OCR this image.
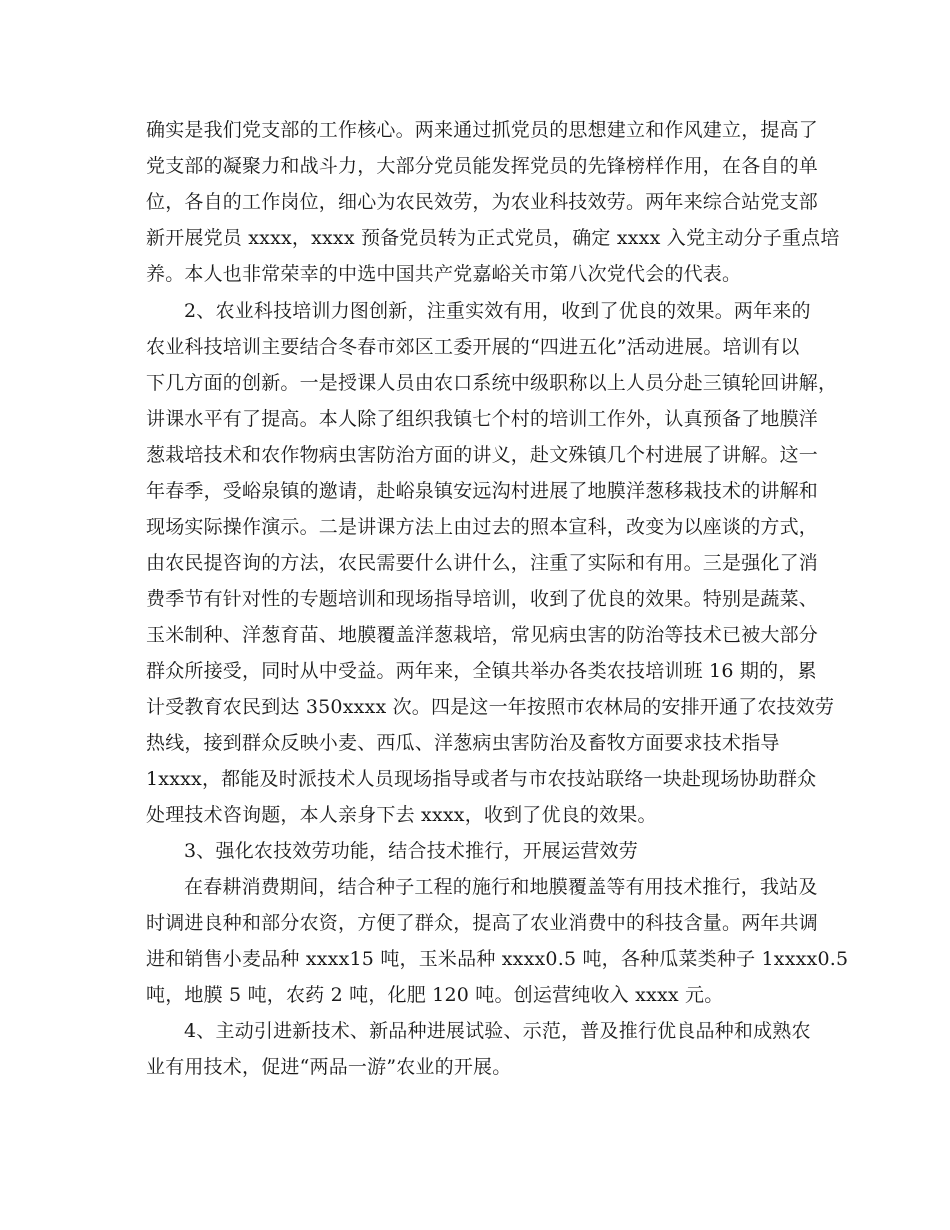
确实是我们党支部的工作核心。两来通过抓党员的思想建立和作风建立，提高了
党支部的凝聚力和战斗力，大部分党员能发挥党员的先锋榜样作用，在各自的单
位，各自的工作岗位，细心为农民效劳，为农业科技效劳。两年来综合站党支部
新开展党员 xxxx，xxxx 预备党员转为正式党员，确定 xxxx 入党主动分子重点培
养。本人也非常荣幸的中选中国共产党嘉峪关市第八次党代会的代表。
2、农业科技培训力图创新，注重实效有用，收到了优良的效果。两年来的
农业科技培训主要结合冬春市郊区工委开展的“四进五化”活动进展。培训有以
下几方面的创新。一是授课人员由农口系统中级职称以上人员分赴三镇轮回讲解，
讲课水平有了提高。本人除了组织我镇七个村的培训工作外，认真预备了地膜洋
葱栽培技术和农作物病虫害防治方面的讲义，赴文殊镇几个村进展了讲解。这一
年春季，受峪泉镇的邀请，赴峪泉镇安远沟村进展了地膜洋葱移栽技术的讲解和
现场实际操作演示。二是讲课方法上由过去的照本宣科，改变为以座谈的方式，
由农民提咨询的方法，农民需要什么讲什么，注重了实际和有用。三是强化了消
费季节有针对性的专题培训和现场指导培训，收到了优良的效果。特别是蔬菜、
玉米制种、洋葱育苗、地膜覆盖洋葱栽培，常见病虫害的防治等技术已被大部分
群众所接受，同时从中受益。两年来，全镇共举办各类农技培训班 16 期的，累
计受教育农民到达 350xxxx 次。四是这一年按照市农林局的安排开通了农技效劳
热线，接到群众反映小麦、西瓜、洋葱病虫害防治及畜牧方面要求技术指导
1xxxx，都能及时派技术人员现场指导或者与市农技站联络一块赴现场协助群众
处理技术咨询题，本人亲身下去 xxxx，收到了优良的效果。
3、强化农技效劳功能，结合技术推行，开展运营效劳
在春耕消费期间，结合种子工程的施行和地膜覆盖等有用技术推行，我站及
时调进良种和部分农资，方便了群众，提高了农业消费中的科技含量。两年共调
进和销售小麦品种 xxxx15 吨，玉米品种 xxxx0.5 吨，各种瓜菜类种子 1xxxx0.5
吨，地膜 5 吨，农药 2 吨，化肥 120 吨。创运营纯收入 xxxx 元。
4、主动引进新技术、新品种进展试验、示范，普及推行优良品种和成熟农
业有用技术，促进“两品一游”农业的开展。
